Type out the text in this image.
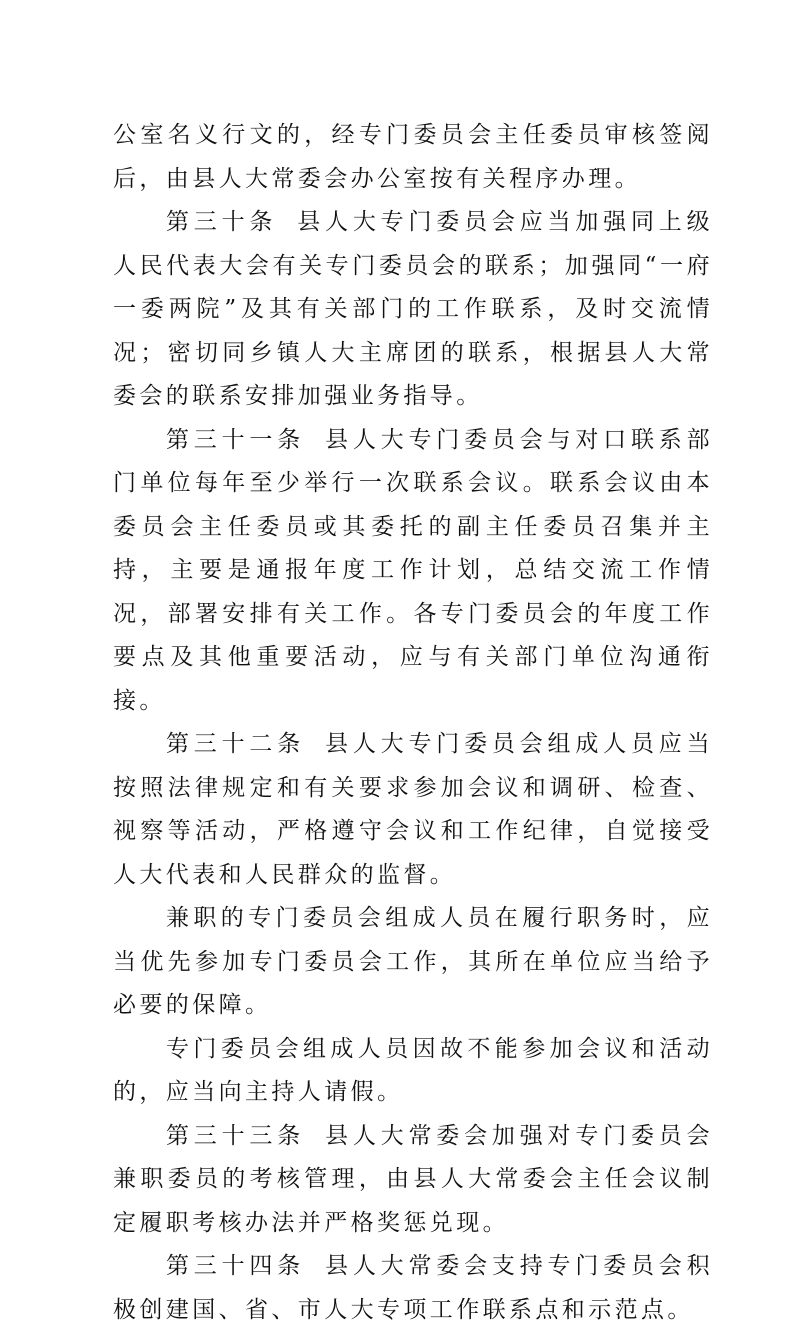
公室名义行文的，经专门委员会主任委员审核签阅后，由县人大常委会办公室按有关程序办理。

第三十条 县人大专门委员会应当加强同上级人民代表大会有关专门委员会的联系；加强同“一府一委两院”及其有关部门的工作联系，及时交流情况；密切同乡镇人大主席团的联系，根据县人大常委会的联系安排加强业务指导。

第三十一条 县人大专门委员会与对口联系部门单位每年至少举行一次联系会议。联系会议由本委员会主任委员或其委托的副主任委员召集并主持，主要是通报年度工作计划，总结交流工作情况，部署安排有关工作。各专门委员会的年度工作要点及其他重要活动，应与有关部门单位沟通衔接。

第三十二条 县人大专门委员会组成人员应当按照法律规定和有关要求参加会议和调研、检查、视察等活动，严格遵守会议和工作纪律，自觉接受人大代表和人民群众的监督。

兼职的专门委员会组成人员在履行职务时，应当优先参加专门委员会工作，其所在单位应当给予必要的保障。

专门委员会组成人员因故不能参加会议和活动的，应当向主持人请假。

第三十三条 县人大常委会加强对专门委员会兼职委员的考核管理，由县人大常委会主任会议制定履职考核办法并严格奖惩兑现。

第三十四条 县人大常委会支持专门委员会积极创建国、省、市人大专项工作联系点和示范点。
